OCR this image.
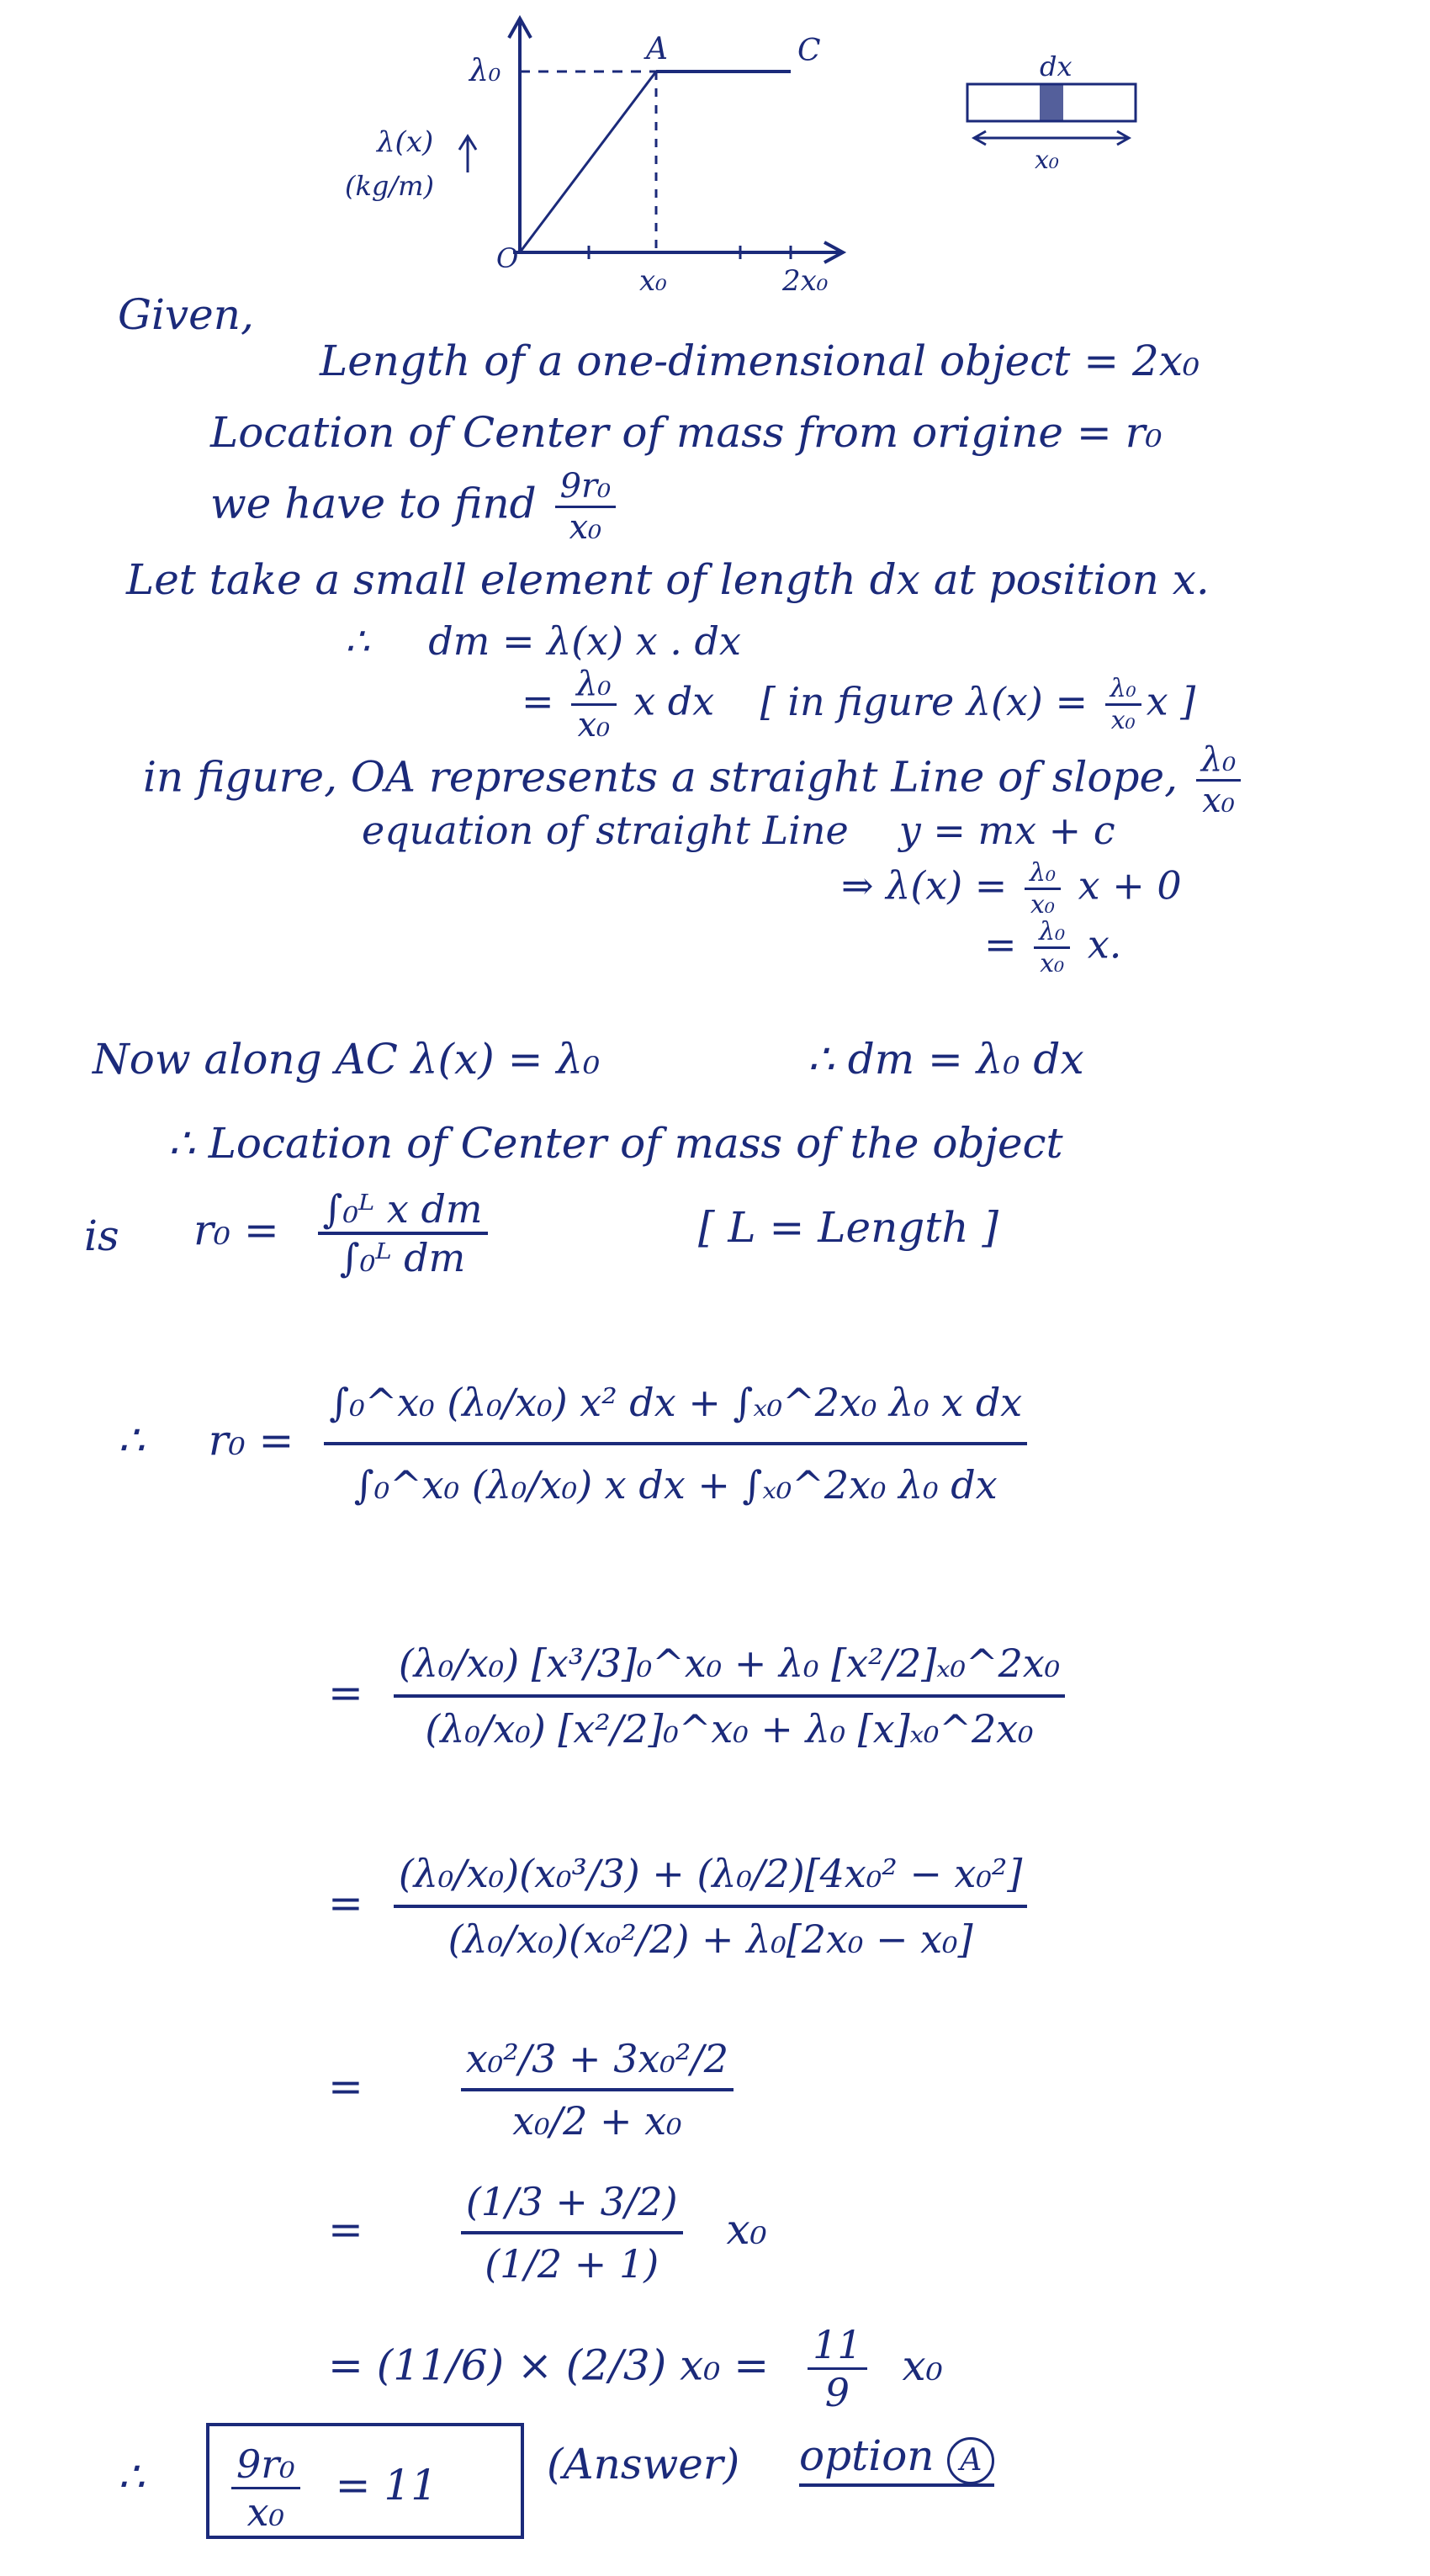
λ(x)
(kg/m)
λ₀
O
A	C
x₀	2x₀
dx
x₀
Given,
Length of a one-dimensional object = 2x₀
Location of Center of mass from origine = r₀
we have to find $\frac{\text{9r₀}}{\text{x₀}}$
Let take a small element of length dx at position x.
∴ dm = λ(x) x . dx
= $\frac{\text{λ₀}}{\text{x₀}}$ x dx [ in figure $\lambda(x) = \frac{\text{λ₀}}{\text{x₀}}$ x ]
in figure, OA represents a straight Line of slope, $\frac{\text{λ₀}}{\text{x₀}}$
equation of straight Line y = mx + c
⇒ $\lambda(x) = \frac{\text{λ₀}}{\text{x₀}}$ x + 0
= $\frac{\text{λ₀}}{\text{x₀}} x$.
Now along AC λ(x) = λ₀	∴ dm = λ₀ dx
∴ Location of Center of mass of the object
is $r_0 = \frac{\text{∫₀ᴸ x dm}}{\text{∫₀ᴸ dm}}$	[ L = Length ]
∴ $r_0 = \frac{\text{∫₀\textasciicircum{}x₀ (λ₀/x₀) x² dx + ∫ₓ₀\textasciicircum{}2x₀ λ₀ x dx}}{\text{∫₀\textasciicircum{}x₀ (λ₀/x₀) x dx + ∫ₓ₀\textasciicircum{}2x₀ λ₀ dx}}$
= $\frac{\text{(λ₀/x₀) [x³/3]₀\textasciicircum{}x₀ + λ₀ [x²/2]ₓ₀\textasciicircum{}2x₀}}{\text{(λ₀/x₀) [x²/2]₀\textasciicircum{}x₀ + λ₀ [x]ₓ₀\textasciicircum{}2x₀}}$
= $\frac{\text{(λ₀/x₀)(x₀³/3) + (λ₀/2)[4x₀² − x₀²]}}{\text{(λ₀/x₀)(x₀²/2) + λ₀[2x₀ − x₀]}}$
=	$\frac{\text{x₀²/3 + 3x₀²/2}}{\text{x₀/2 + x₀}}$
=	$\frac{(1/3 + 3/2)}{(1/2 + 1)} x_0$
= (11/6) × (2/3) $x_0 = \frac{11}{9} x_0$
∴ $\frac{\text{9r₀}}{\text{x₀}} = 11$	(Answer) option A
